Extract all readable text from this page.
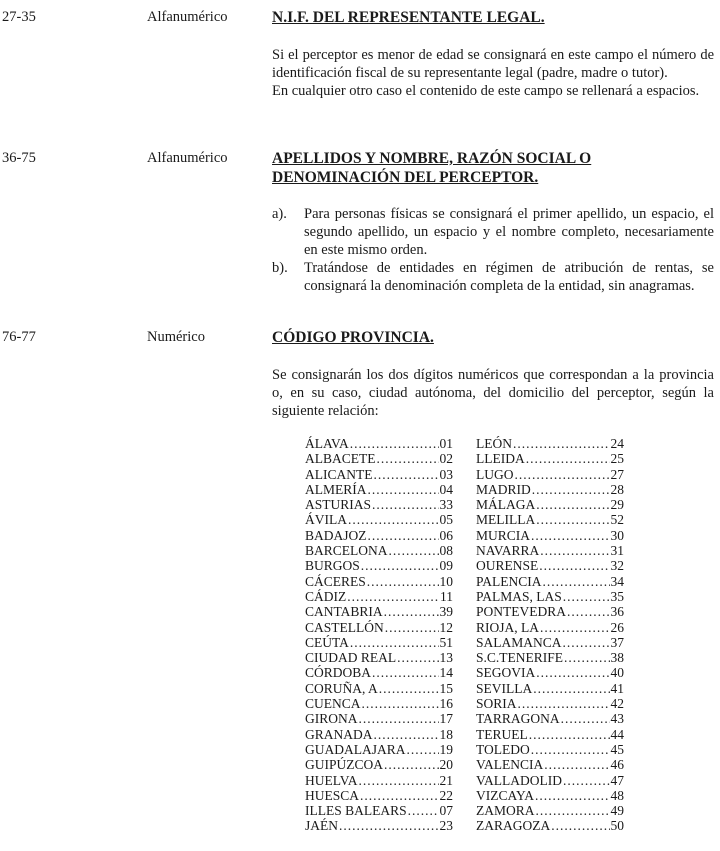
27-35	Alfanumérico	N.I.F. DEL REPRESENTANTE LEGAL.

Si el perceptor es menor de edad se consignará en este campo el número de identificación fiscal de su representante legal (padre, madre o tutor).

En cualquier otro caso el contenido de este campo se rellenará a espacios.

36-75	Alfanumérico	APELLIDOS Y NOMBRE, RAZÓN SOCIAL O
DENOMINACIÓN DEL PERCEPTOR.
a). Para personas físicas se consignará el primer apellido, un espacio, el segundo apellido, un espacio y el nombre completo, necesariamente en este mismo orden.
b). Tratándose de entidades en régimen de atribución de rentas, se consignará la denominación completa de la entidad, sin anagramas.
76-77	Numérico	CÓDIGO PROVINCIA.

Se consignarán los dos dígitos numéricos que correspondan a la provincia o, en su caso, ciudad autónoma, del domicilio del perceptor, según la siguiente relación:

ÁLAVA .....	01
ALBACETE .....	02
ALICANTE .....	03
ALMERÍA .....	04
ASTURIAS .....	33
ÁVILA .....	05
BADAJOZ .....	06
BARCELONA .....	08
BURGOS .....	09
CÁCERES .....	10
CÁDIZ .....	11
CANTABRIA .....	39
CASTELLÓN .....	12
CEÚTA .....	51
CIUDAD REAL .....	13
CÓRDOBA .....	14
CORUÑA, A .....	15
CUENCA .....	16
GIRONA .....	17
GRANADA .....	18
GUADALAJARA .....	19
GUIPÚZCOA .....	20
HUELVA .....	21
HUESCA .....	22
ILLES BALEARS ..... 07
JAÉN .....	23
LEÓN .....	24
LLEIDA .....	25
LUGO .....	27
MADRID .....	28
MÁLAGA .....	29
MELILLA .....	52
MURCIA .....	30
NAVARRA .....	31
OURENSE .....	32
PALENCIA .....	34
PALMAS, LAS .....	35
PONTEVEDRA .....	36
RIOJA, LA .....	26
SALAMANCA .....	37
S.C.TENERIFE .....	38
SEGOVIA .....	40
SEVILLA .....	41
SORIA .....	42
TARRAGONA .....	43
TERUEL .....	44
TOLEDO .....	45
VALENCIA .....	46
VALLADOLID .....	47
VIZCAYA .....	48
ZAMORA .....	49
ZARAGOZA .....	50
